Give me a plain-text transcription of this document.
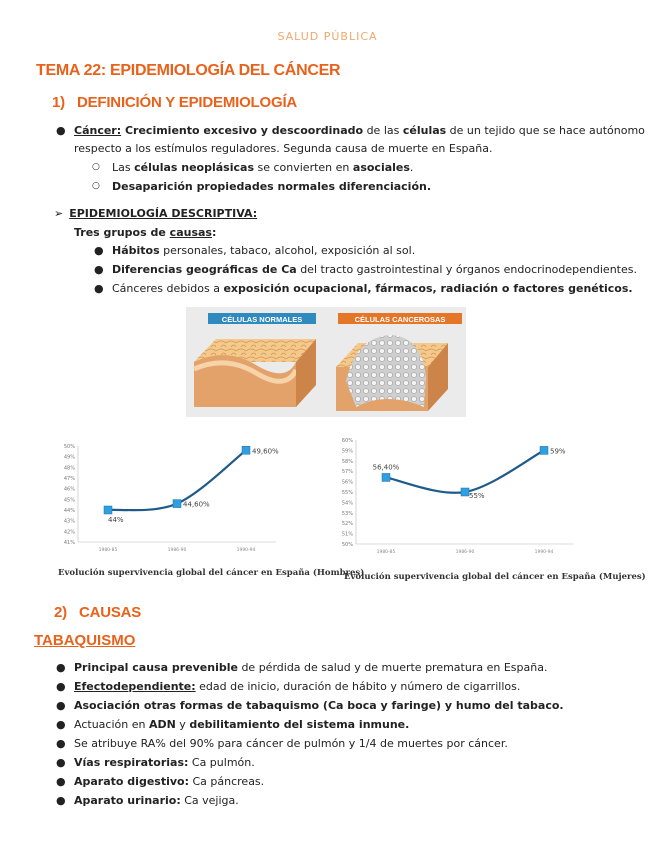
SALUD PÚBLICA
TEMA 22: EPIDEMIOLOGÍA DEL CÁNCER
1) DEFINICIÓN Y EPIDEMIOLOGÍA
● Cáncer: Crecimiento excesivo y descoordinado de las células de un tejido que se hace autónomo
respecto a los estímulos reguladores. Segunda causa de muerte en España.
○ Las células neoplásicas se convierten en asociales.
○ Desaparición propiedades normales diferenciación.
➢ EPIDEMIOLOGÍA DESCRIPTIVA:
Tres grupos de causas:
● Hábitos personales, tabaco, alcohol, exposición al sol.
● Diferencias geográficas de Ca del tracto gastrointestinal y órganos endocrinodependientes.
● Cánceres debidos a exposición ocupacional, fármacos, radiación o factores genéticos.
CÉLULAS NORMALES	CÉLULAS CANCEROSAS
50%
49%
48%
47%
46%
45%
44%
43%
42%
41%
1980-85	1986-90	1990-94
44%
44,60%
49,60%
Evolución supervivencia global del cáncer en España (Hombres)
60%
59%
58%
57%
56%
55%
54%
53%
52%
51%
50%
1980-85	1986-90	1990-94
56,40%
55%
59%
Evolución supervivencia global del cáncer en España (Mujeres)
2) CAUSAS
TABAQUISMO
● Principal causa prevenible de pérdida de salud y de muerte prematura en España.
● Efectodependiente: edad de inicio, duración de hábito y número de cigarrillos.
● Asociación otras formas de tabaquismo (Ca boca y faringe) y humo del tabaco.
● Actuación en ADN y debilitamiento del sistema inmune.
● Se atribuye RA% del 90% para cáncer de pulmón y 1/4 de muertes por cáncer.
● Vías respiratorias: Ca pulmón.
● Aparato digestivo: Ca páncreas.
● Aparato urinario: Ca vejiga.
